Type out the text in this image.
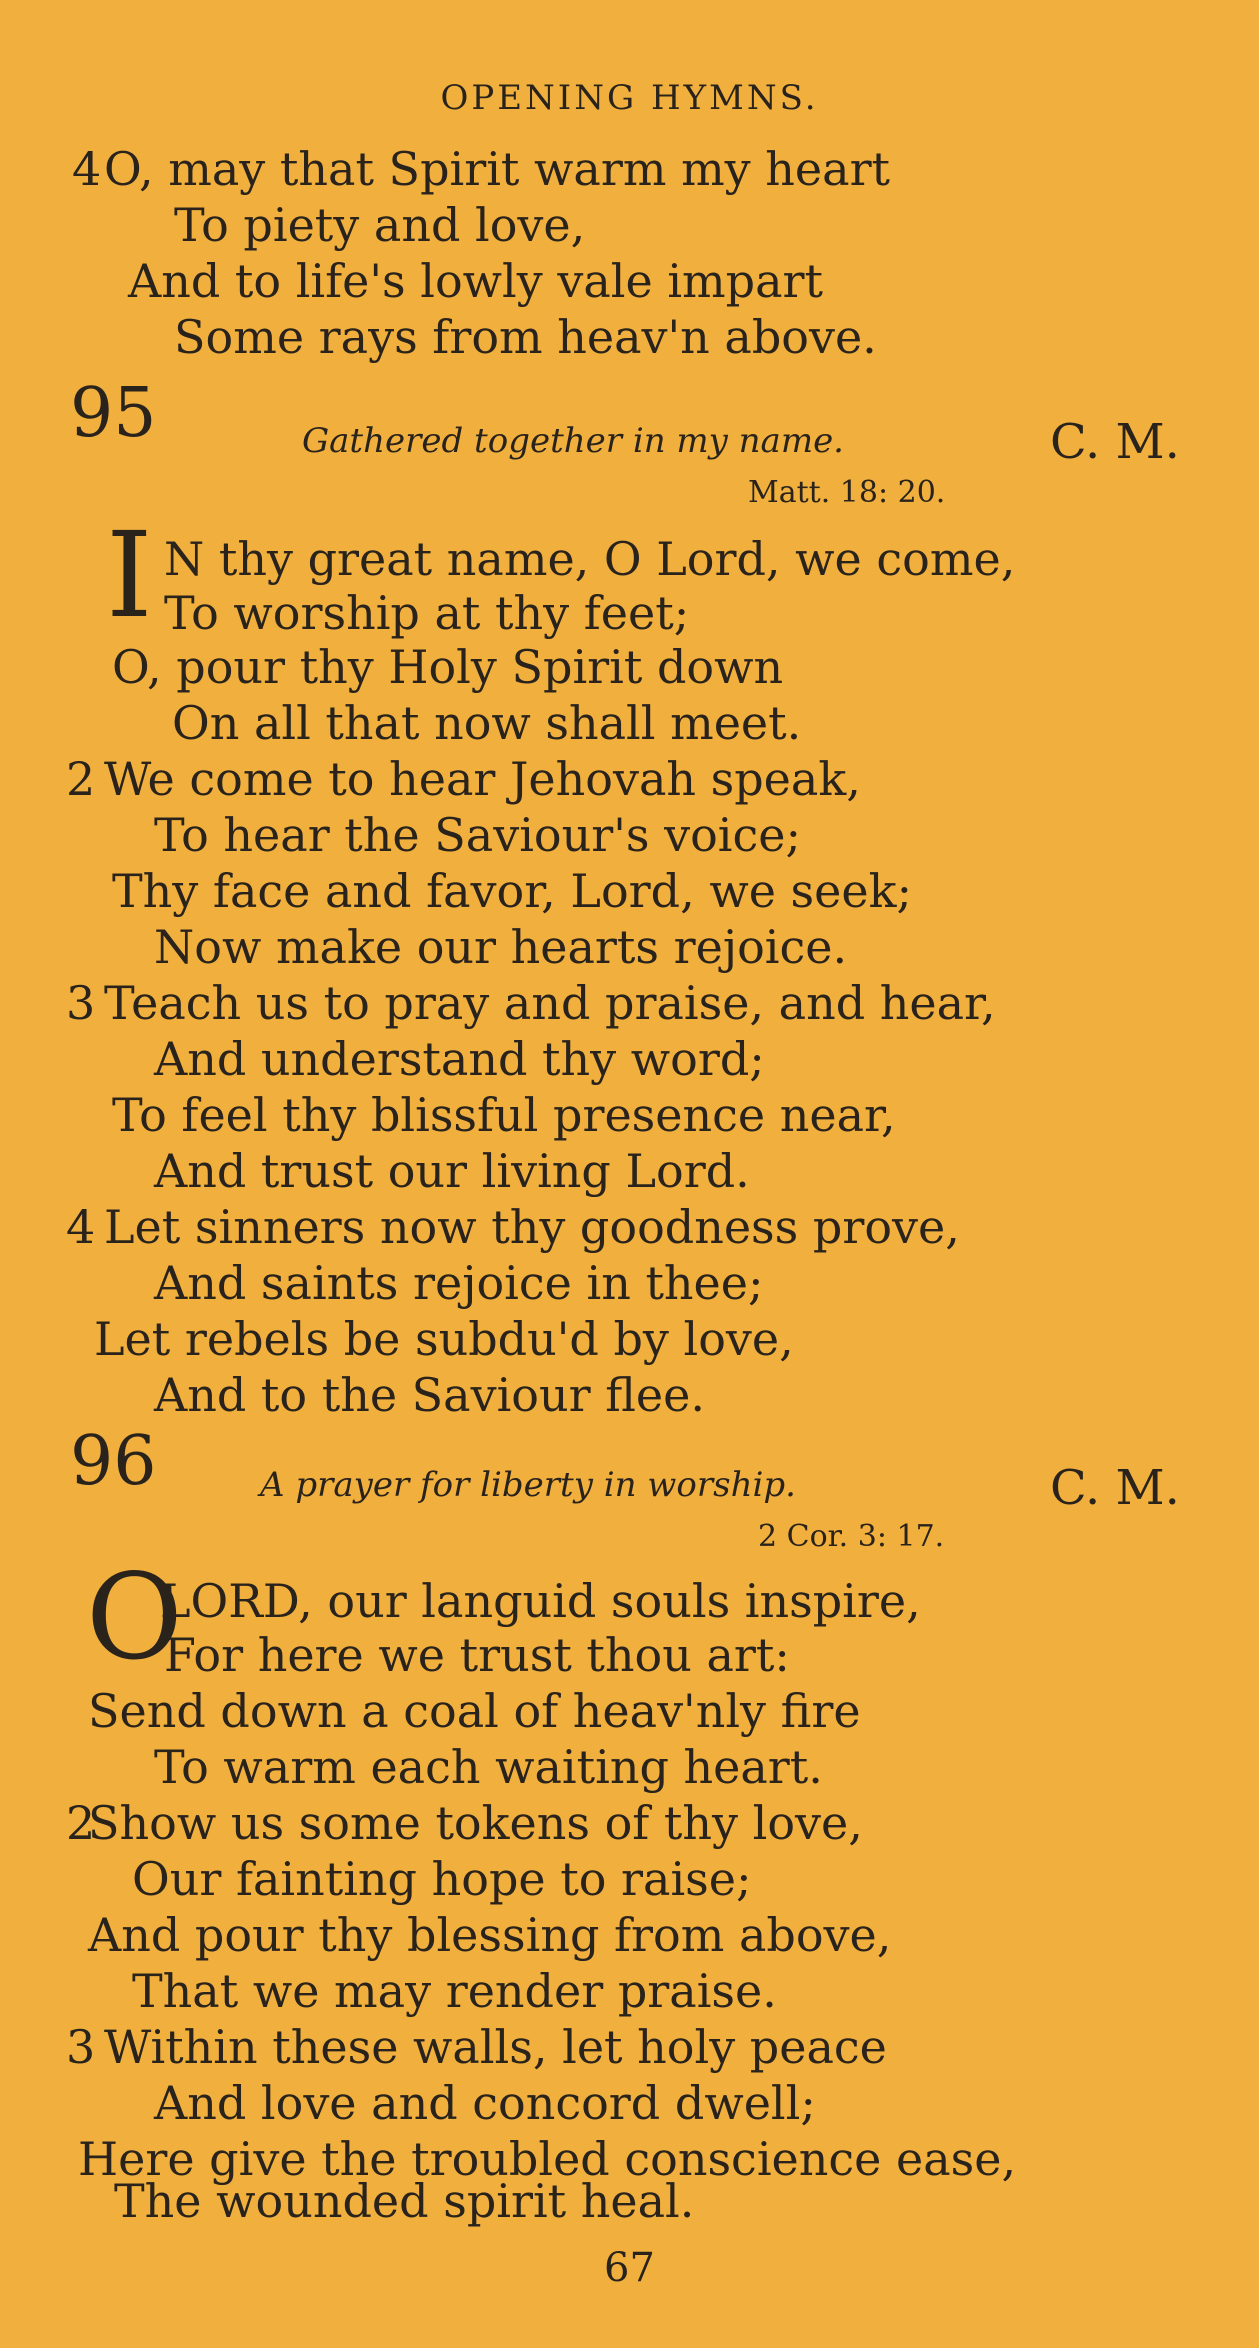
OPENING HYMNS.
4 O, may that Spirit warm my heart
To piety and love,
And to life's lowly vale impart
Some rays from heav'n above.
95	Gathered together in my name.	C. M.
Matt. 18: 20.
I N thy great name, O Lord, we come,
To worship at thy feet;
O, pour thy Holy Spirit down
On all that now shall meet.
2 We come to hear Jehovah speak,
To hear the Saviour's voice;
Thy face and favor, Lord, we seek;
Now make our hearts rejoice.
3 Teach us to pray and praise, and hear,
And understand thy word;
To feel thy blissful presence near,
And trust our living Lord.
4 Let sinners now thy goodness prove,
And saints rejoice in thee;
Let rebels be subdu'd by love,
And to the Saviour flee.
96	A prayer for liberty in worship.	C. M.
2 Cor. 3: 17.
O
LORD, our languid souls inspire,
For here we trust thou art:
Send down a coal of heav'nly fire
To warm each waiting heart.
2
Show us some tokens of thy love,
Our fainting hope to raise;
And pour thy blessing from above,
That we may render praise.
3 Within these walls, let holy peace
And love and concord dwell;
Here give the troubled conscience ease,
The wounded spirit heal.
67
